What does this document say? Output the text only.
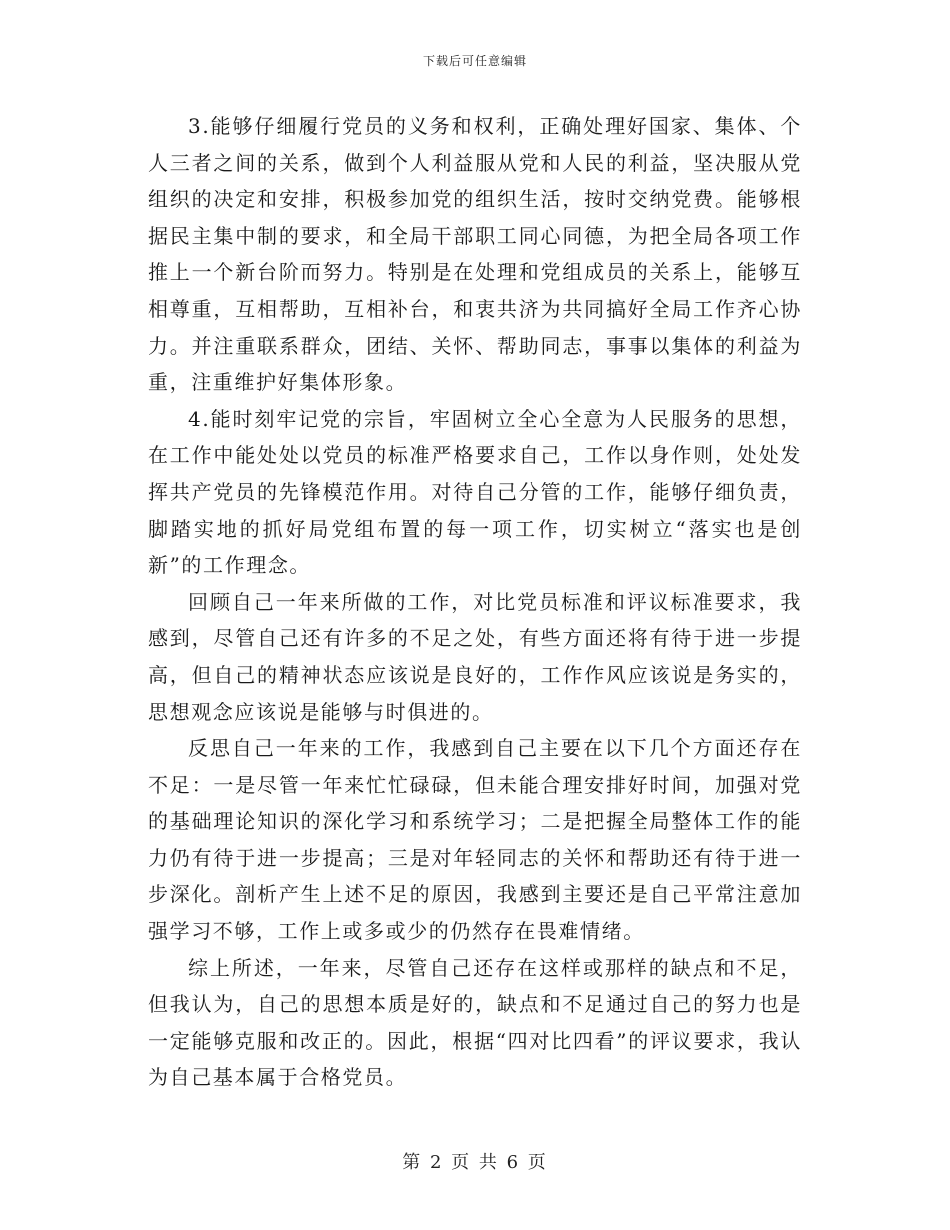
下载后可任意编辑

3.能够仔细履行党员的义务和权利，正确处理好国家、集体、个人三者之间的关系，做到个人利益服从党和人民的利益，坚决服从党组织的决定和安排，积极参加党的组织生活，按时交纳党费。能够根据民主集中制的要求，和全局干部职工同心同德，为把全局各项工作推上一个新台阶而努力。特别是在处理和党组成员的关系上，能够互相尊重，互相帮助，互相补台，和衷共济为共同搞好全局工作齐心协力。并注重联系群众，团结、关怀、帮助同志，事事以集体的利益为重，注重维护好集体形象。

4.能时刻牢记党的宗旨，牢固树立全心全意为人民服务的思想，在工作中能处处以党员的标准严格要求自己，工作以身作则，处处发挥共产党员的先锋模范作用。对待自己分管的工作，能够仔细负责，脚踏实地的抓好局党组布置的每一项工作，切实树立“落实也是创新”的工作理念。

回顾自己一年来所做的工作，对比党员标准和评议标准要求，我感到，尽管自己还有许多的不足之处，有些方面还将有待于进一步提高，但自己的精神状态应该说是良好的，工作作风应该说是务实的，思想观念应该说是能够与时俱进的。

反思自己一年来的工作，我感到自己主要在以下几个方面还存在不足：一是尽管一年来忙忙碌碌，但未能合理安排好时间，加强对党的基础理论知识的深化学习和系统学习；二是把握全局整体工作的能力仍有待于进一步提高；三是对年轻同志的关怀和帮助还有待于进一步深化。剖析产生上述不足的原因，我感到主要还是自己平常注意加强学习不够，工作上或多或少的仍然存在畏难情绪。

综上所述，一年来，尽管自己还存在这样或那样的缺点和不足，但我认为，自己的思想本质是好的，缺点和不足通过自己的努力也是一定能够克服和改正的。因此，根据“四对比四看”的评议要求，我认为自己基本属于合格党员。

第 2 页 共 6 页
